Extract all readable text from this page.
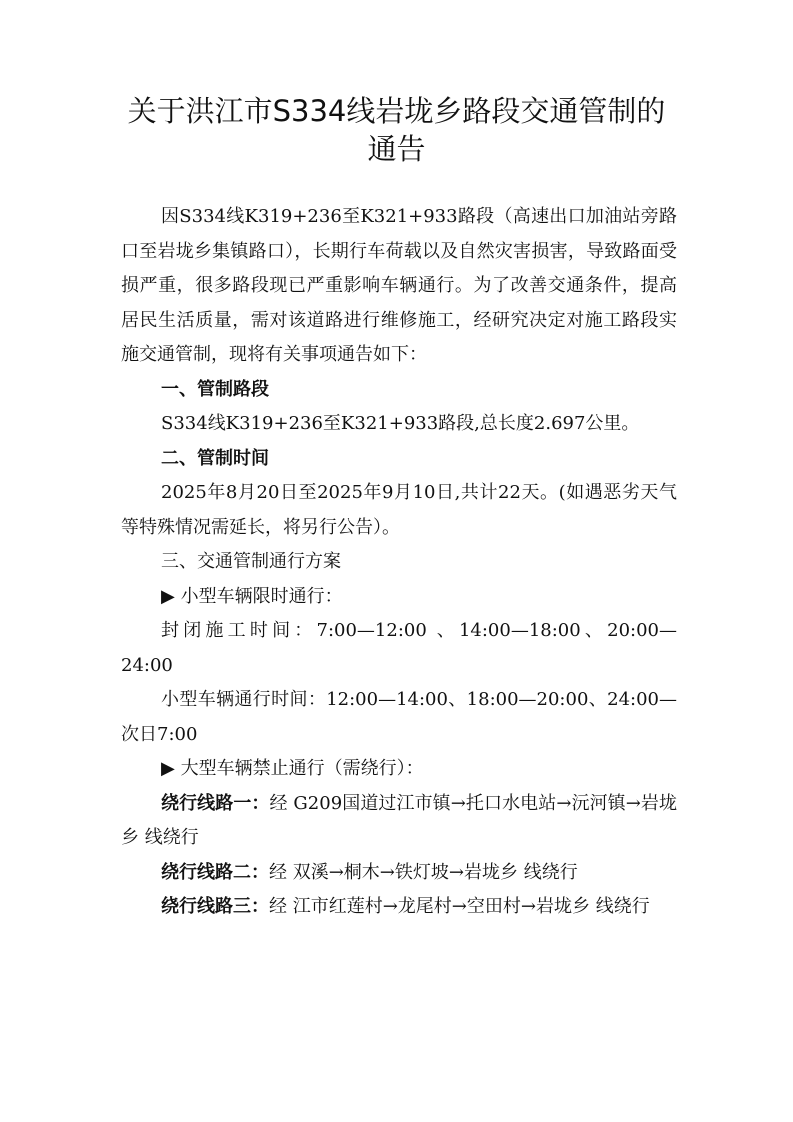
关于洪江市S334线岩垅乡路段交通管制的
通告

因S334线K319+236至K321+933路段（高速出口加油站旁路口至岩垅乡集镇路口），长期行车荷载以及自然灾害损害，导致路面受损严重，很多路段现已严重影响车辆通行。为了改善交通条件，提高居民生活质量，需对该道路进行维修施工，经研究决定对施工路段实施交通管制，现将有关事项通告如下：

一、管制路段

S334线K319+236至K321+933路段,总长度2.697公里。

二、管制时间

2025年8月20日至2025年9月10日,共计22天。(如遇恶劣天气等特殊情况需延长，将另行公告）。

三、交通管制通行方案

▶ 小型车辆限时通行：

封闭施工时间：7:00—12:00 、14:00—18:00、20:00—24:00

小型车辆通行时间：12:00—14:00、18:00—20:00、24:00—次日7:00

▶ 大型车辆禁止通行（需绕行）：

绕行线路一：经 G209国道过江市镇→托口水电站→沅河镇→岩垅乡 线绕行

绕行线路二：经 双溪→桐木→铁灯坡→岩垅乡 线绕行

绕行线路三：经 江市红莲村→龙尾村→空田村→岩垅乡 线绕行
